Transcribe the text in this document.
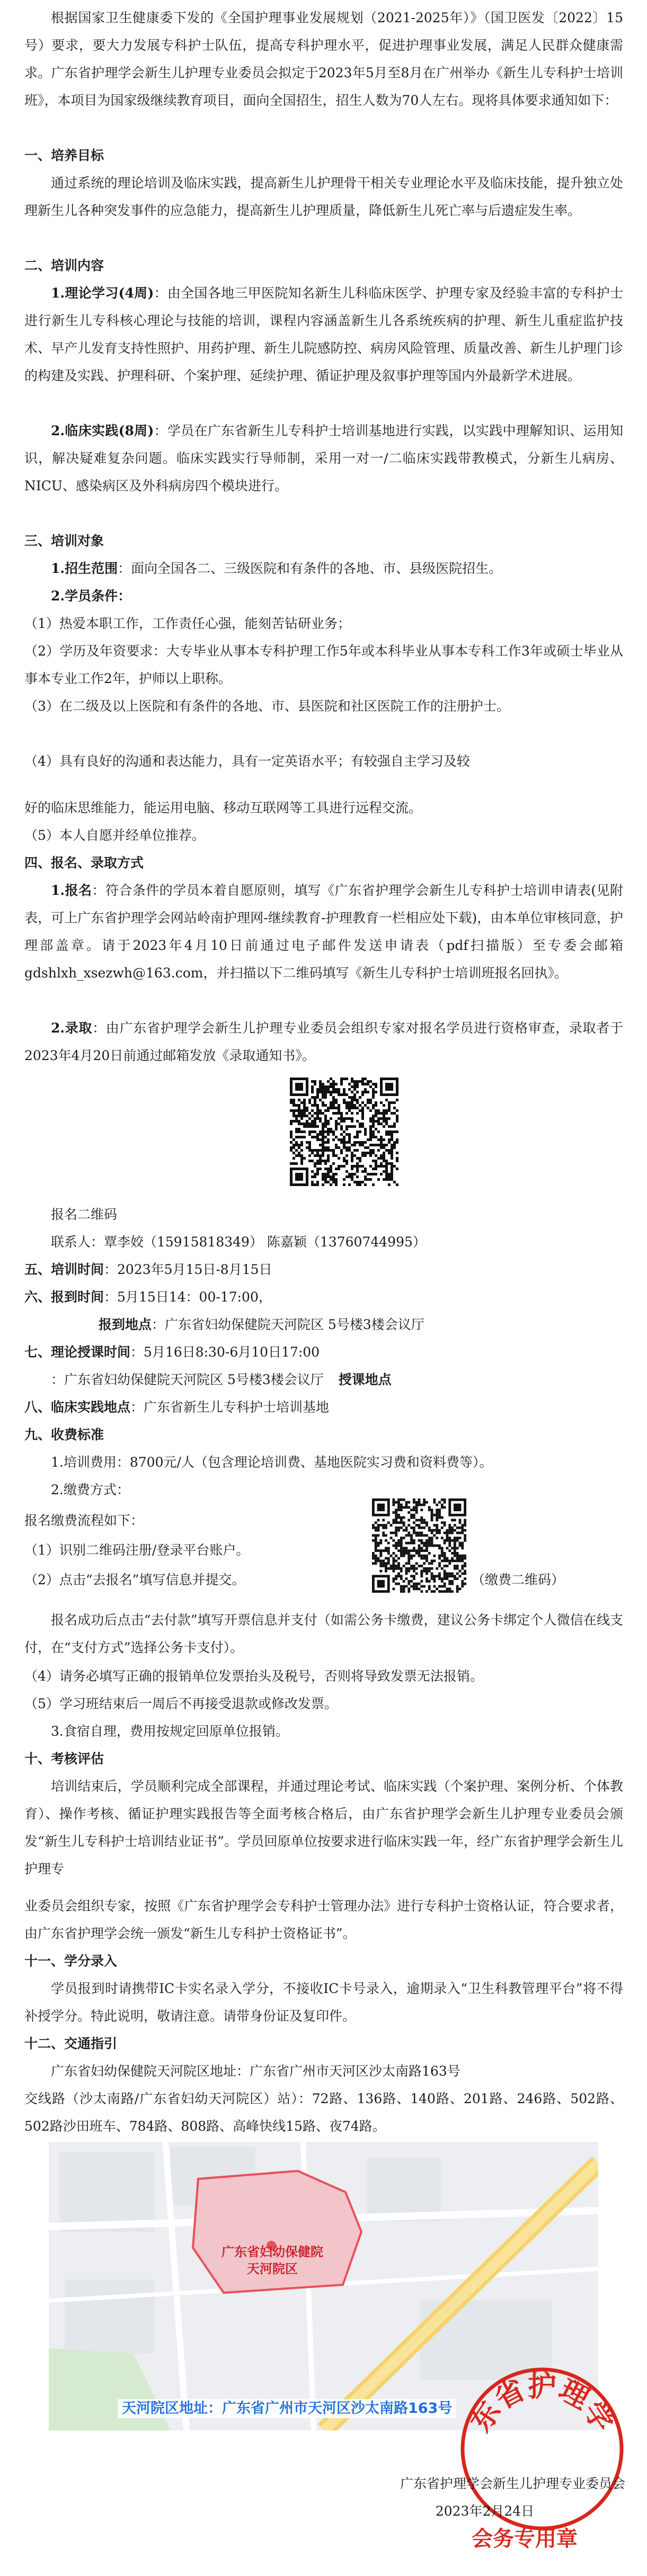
根据国家卫生健康委下发的《全国护理事业发展规划（2021-2025年）》（国卫医发〔2022〕15号）要求，要大力发展专科护士队伍，提高专科护理水平，促进护理事业发展，满足人民群众健康需求。广东省护理学会新生儿护理专业委员会拟定于2023年5月至8月在广州举办《新生儿专科护士培训班》，本项目为国家级继续教育项目，面向全国招生，招生人数为70人左右。现将具体要求通知如下：
一、培养目标
通过系统的理论培训及临床实践，提高新生儿护理骨干相关专业理论水平及临床技能，提升独立处理新生儿各种突发事件的应急能力，提高新生儿护理质量，降低新生儿死亡率与后遗症发生率。
二、培训内容
1.理论学习(4周)：由全国各地三甲医院知名新生儿科临床医学、护理专家及经验丰富的专科护士进行新生儿专科核心理论与技能的培训，课程内容涵盖新生儿各系统疾病的护理、新生儿重症监护技术、早产儿发育支持性照护、用药护理、新生儿院感防控、病房风险管理、质量改善、新生儿护理门诊的构建及实践、护理科研、个案护理、延续护理、循证护理及叙事护理等国内外最新学术进展。
2.临床实践(8周)：学员在广东省新生儿专科护士培训基地进行实践，以实践中理解知识、运用知识，解决疑难复杂问题。临床实践实行导师制，采用一对一/二临床实践带教模式，分新生儿病房、NICU、感染病区及外科病房四个模块进行。
三、培训对象
1.招生范围：面向全国各二、三级医院和有条件的各地、市、县级医院招生。
2.学员条件：
（1）热爱本职工作，工作责任心强，能刻苦钻研业务；
（2）学历及年资要求：大专毕业从事本专科护理工作5年或本科毕业从事本专科工作3年或硕士毕业从事本专业工作2年，护师以上职称。
（3）在二级及以上医院和有条件的各地、市、县医院和社区医院工作的注册护士。
（4）具有良好的沟通和表达能力，具有一定英语水平；有较强自主学习及较
好的临床思维能力，能运用电脑、移动互联网等工具进行远程交流。
（5）本人自愿并经单位推荐。
四、报名、录取方式
1.报名：符合条件的学员本着自愿原则，填写《广东省护理学会新生儿专科护士培训申请表(见附表，可上广东省护理学会网站岭南护理网-继续教育-护理教育一栏相应处下载)，由本单位审核同意，护理部盖章。请于2023年4月10日前通过电子邮件发送申请表（pdf扫描版）至专委会邮箱gdshlxh_xsezwh@163.com，并扫描以下二维码填写《新生儿专科护士培训班报名回执》。
2.录取：由广东省护理学会新生儿护理专业委员会组织专家对报名学员进行资格审查，录取者于2023年4月20日前通过邮箱发放《录取通知书》。
报名二维码
联系人：覃李姣（15915818349） 陈嘉颖（13760744995）
五、培训时间：2023年5月15日-8月15日
六、报到时间：5月15日14：00-17:00，
报到地点：广东省妇幼保健院天河院区 5号楼3楼会议厅
七、理论授课时间：5月16日8:30-6月10日17:00
：广东省妇幼保健院天河院区 5号楼3楼会议厅 授课地点
八、临床实践地点：广东省新生儿专科护士培训基地
九、收费标准
1.培训费用：8700元/人（包含理论培训费、基地医院实习费和资料费等）。
2.缴费方式：
报名缴费流程如下：
（1）识别二维码注册/登录平台账户。
（2）点击“去报名”填写信息并提交。	（缴费二维码）
报名成功后点击“去付款”填写开票信息并支付（如需公务卡缴费，建议公务卡绑定个人微信在线支付，在“支付方式”选择公务卡支付）。
（4）请务必填写正确的报销单位发票抬头及税号，否则将导致发票无法报销。
（5）学习班结束后一周后不再接受退款或修改发票。
3.食宿自理，费用按规定回原单位报销。
十、考核评估
培训结束后，学员顺利完成全部课程，并通过理论考试、临床实践（个案护理、案例分析、个体教育）、操作考核、循证护理实践报告等全面考核合格后，由广东省护理学会新生儿护理专业委员会颁发“新生儿专科护士培训结业证书”。学员回原单位按要求进行临床实践一年，经广东省护理学会新生儿护理专
业委员会组织专家，按照《广东省护理学会专科护士管理办法》进行专科护士资格认证，符合要求者，由广东省护理学会统一颁发“新生儿专科护士资格证书”。
十一、学分录入
学员报到时请携带IC卡实名录入学分，不接收IC卡号录入，逾期录入“卫生科教管理平台”将不得补授学分。特此说明，敬请注意。请带身份证及复印件。
十二、交通指引
广东省妇幼保健院天河院区地址：广东省广州市天河区沙太南路163号
交线路（沙太南路/广东省妇幼天河院区）站）：72路、136路、140路、201路、246路、502路、502路沙田班车、784路、808路、高峰快线15路、夜74路。
广东省妇幼保健院
天河院区
天河院区地址：广东省广州市天河区沙太南路163号 东省护理学
广东省护理学会新生儿护理专业委员会
2023年2月24日
会务专用章
